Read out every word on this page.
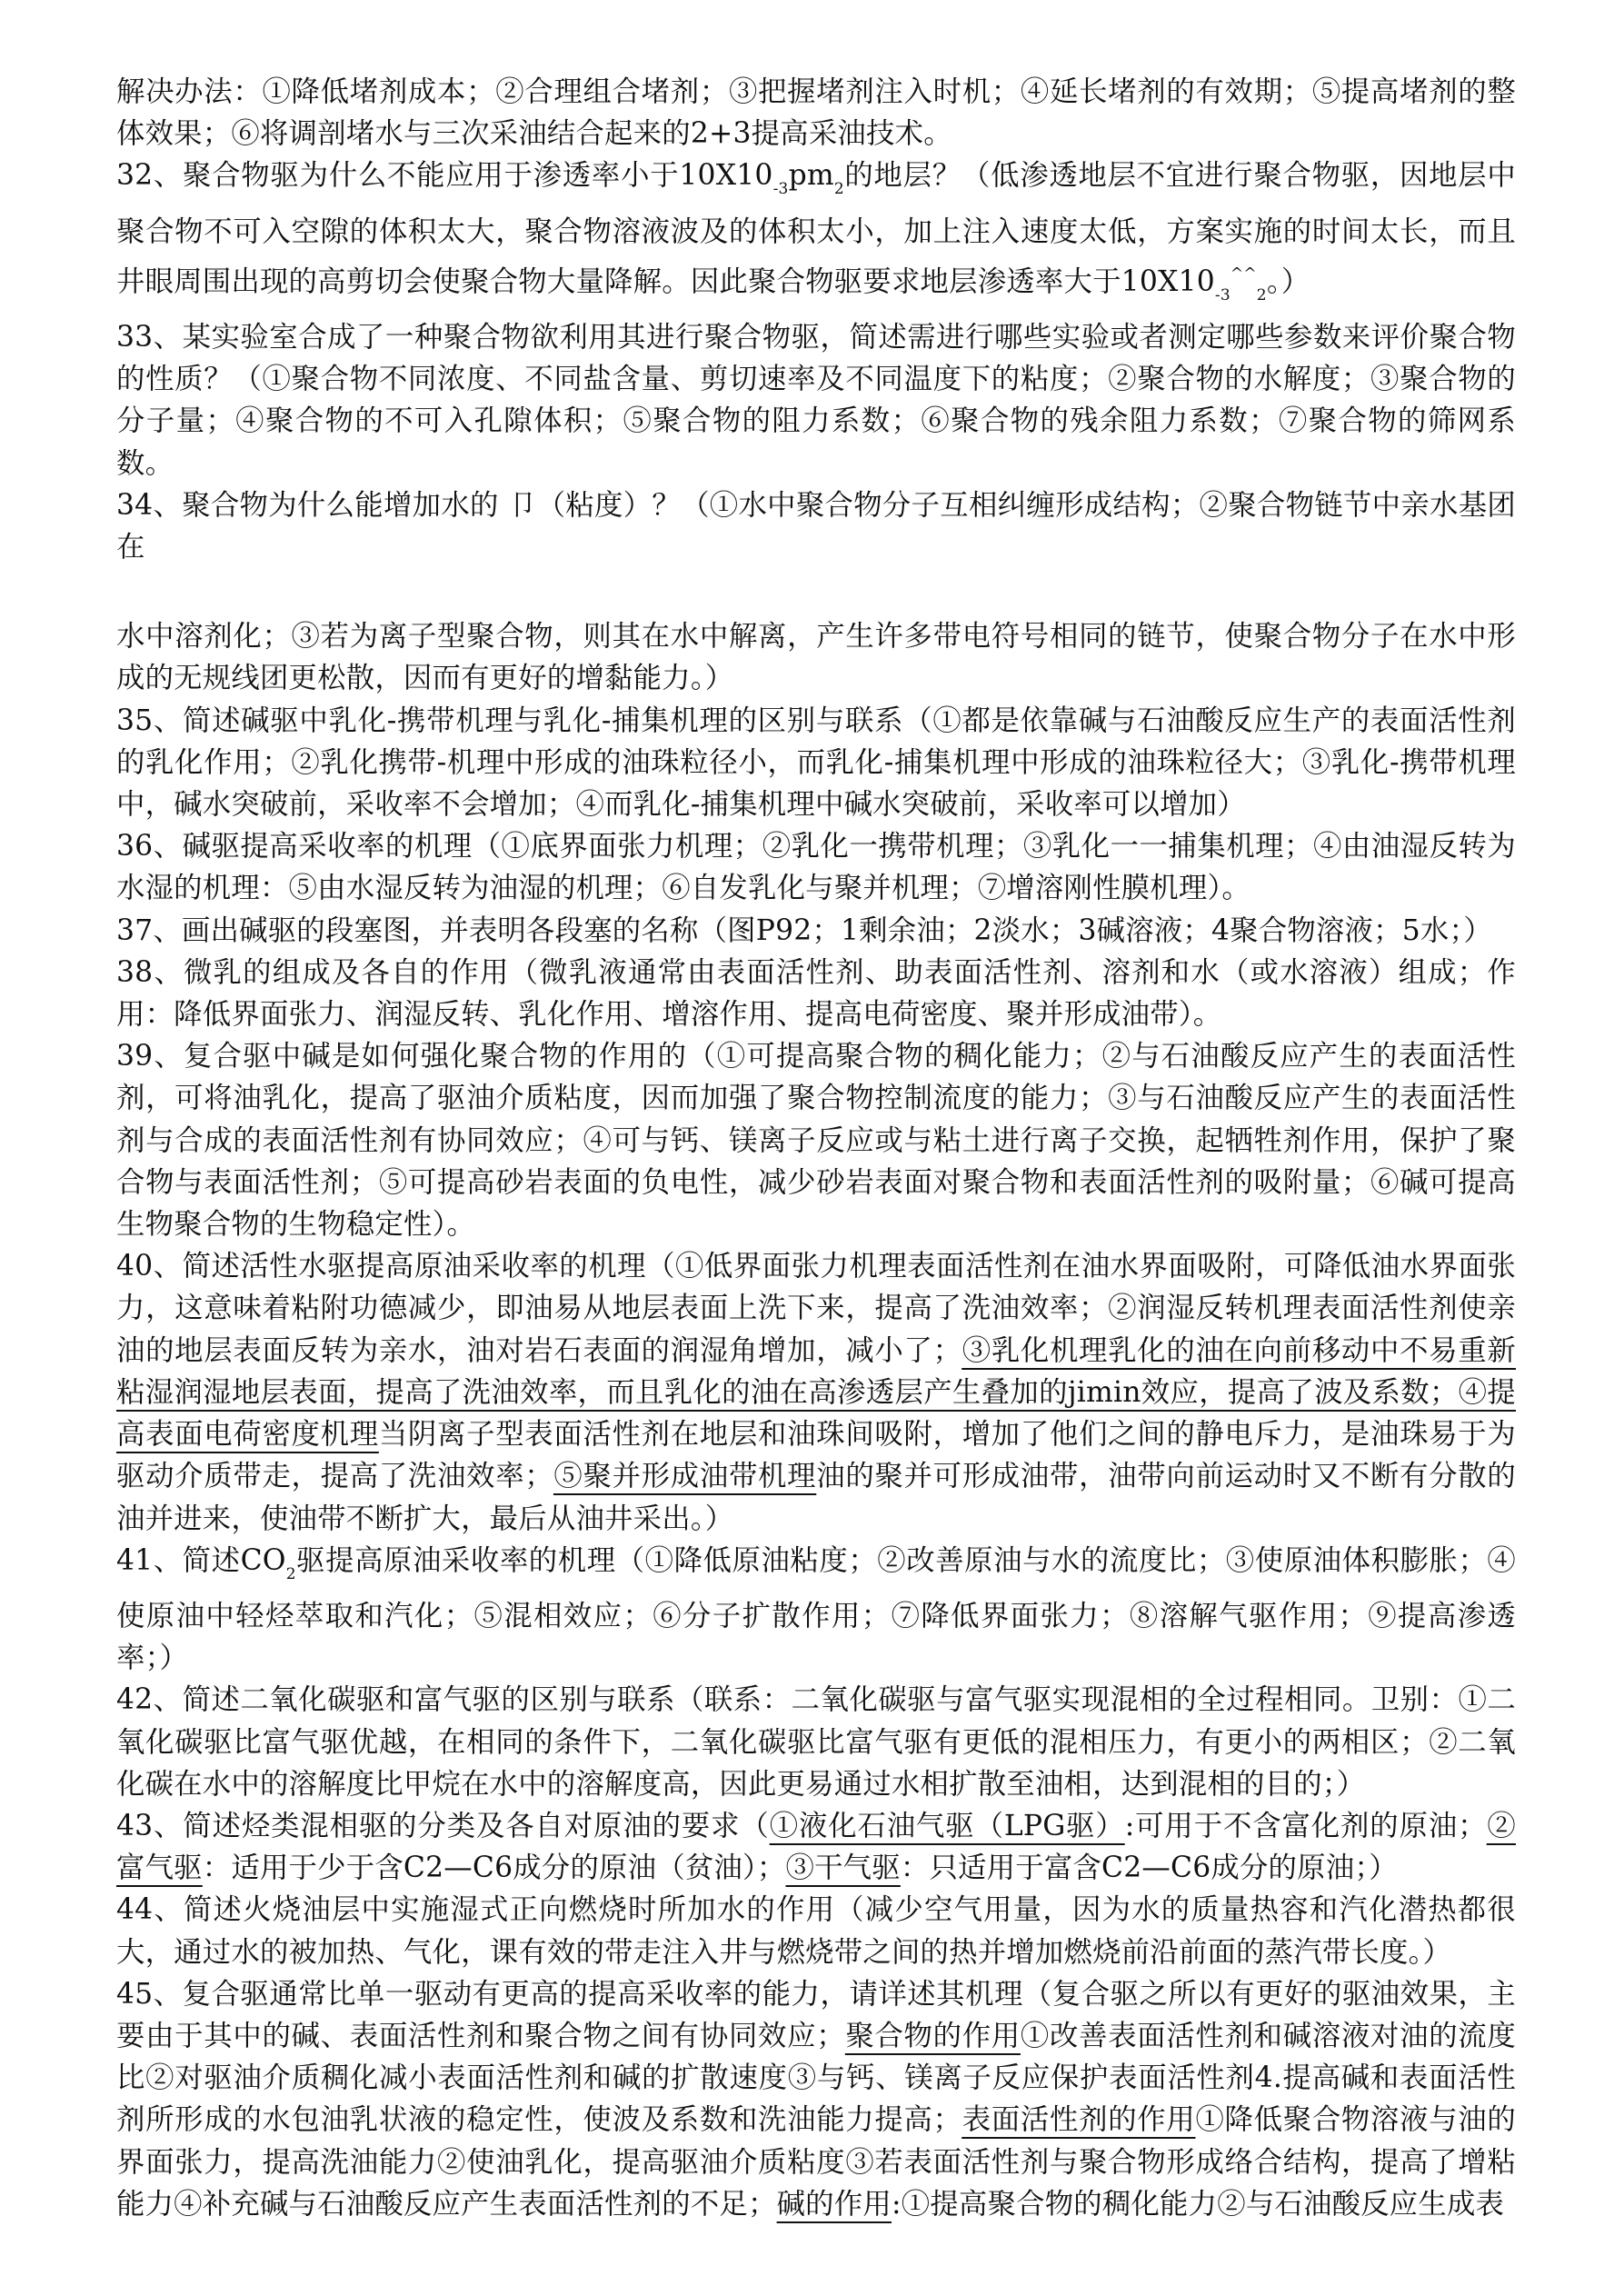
解决办法：①降低堵剂成本；②合理组合堵剂；③把握堵剂注入时机；④延长堵剂的有效期；⑤提高堵剂的整体效果；⑥将调剖堵水与三次采油结合起来的2+3提高采油技术。

32、聚合物驱为什么不能应用于渗透率小于$10X10_{-3}pm_2$的地层？（低渗透地层不宜进行聚合物驱，因地层中聚合物不可入空隙的体积太大，聚合物溶液波及的体积太小，加上注入速度太低，方案实施的时间太长，而且井眼周围出现的高剪切会使聚合物大量降解。因此聚合物驱要求地层渗透率大于$10X10_{-3}^{\^{}\^{}}_2$。）

33、某实验室合成了一种聚合物欲利用其进行聚合物驱，简述需进行哪些实验或者测定哪些参数来评价聚合物的性质？（①聚合物不同浓度、不同盐含量、剪切速率及不同温度下的粘度；②聚合物的水解度；③聚合物的分子量；④聚合物的不可入孔隙体积；⑤聚合物的阻力系数；⑥聚合物的残余阻力系数；⑦聚合物的筛网系数。

34、聚合物为什么能增加水的 卩（粘度）？（①水中聚合物分子互相纠缠形成结构；②聚合物链节中亲水基团在

水中溶剂化；③若为离子型聚合物，则其在水中解离，产生许多带电符号相同的链节，使聚合物分子在水中形成的无规线团更松散，因而有更好的增黏能力。）

35、简述碱驱中乳化-携带机理与乳化-捕集机理的区别与联系（①都是依靠碱与石油酸反应生产的表面活性剂的乳化作用；②乳化携带-机理中形成的油珠粒径小，而乳化-捕集机理中形成的油珠粒径大；③乳化-携带机理中，碱水突破前，采收率不会增加；④而乳化-捕集机理中碱水突破前，采收率可以增加）

36、碱驱提高采收率的机理（①底界面张力机理；②乳化一携带机理；③乳化一一捕集机理；④由油湿反转为水湿的机理：⑤由水湿反转为油湿的机理；⑥自发乳化与聚并机理；⑦增溶刚性膜机理）。

37、画出碱驱的段塞图，并表明各段塞的名称（图P92；1剩余油；2淡水；3碱溶液；4聚合物溶液；5水；）

38、微乳的组成及各自的作用（微乳液通常由表面活性剂、助表面活性剂、溶剂和水（或水溶液）组成；作用：降低界面张力、润湿反转、乳化作用、增溶作用、提高电荷密度、聚并形成油带）。

39、复合驱中碱是如何强化聚合物的作用的（①可提高聚合物的稠化能力；②与石油酸反应产生的表面活性剂，可将油乳化，提高了驱油介质粘度，因而加强了聚合物控制流度的能力；③与石油酸反应产生的表面活性剂与合成的表面活性剂有协同效应；④可与钙、镁离子反应或与粘土进行离子交换，起牺牲剂作用，保护了聚合物与表面活性剂；⑤可提高砂岩表面的负电性，减少砂岩表面对聚合物和表面活性剂的吸附量；⑥碱可提高生物聚合物的生物稳定性）。

40、简述活性水驱提高原油采收率的机理（①低界面张力机理表面活性剂在油水界面吸附，可降低油水界面张力，这意味着粘附功德减少，即油易从地层表面上洗下来，提高了洗油效率；②润湿反转机理表面活性剂使亲油的地层表面反转为亲水，油对岩石表面的润湿角增加，减小了；③乳化机理乳化的油在向前移动中不易重新粘湿润湿地层表面，提高了洗油效率，而且乳化的油在高渗透层产生叠加的jimin效应，提高了波及系数；④提高表面电荷密度机理当阴离子型表面活性剂在地层和油珠间吸附，增加了他们之间的静电斥力，是油珠易于为驱动介质带走，提高了洗油效率；⑤聚并形成油带机理油的聚并可形成油带，油带向前运动时又不断有分散的油并进来，使油带不断扩大，最后从油井采出。）

41、简述$CO_2$驱提高原油采收率的机理（①降低原油粘度；②改善原油与水的流度比；③使原油体积膨胀；④使原油中轻烃萃取和汽化；⑤混相效应；⑥分子扩散作用；⑦降低界面张力；⑧溶解气驱作用；⑨提高渗透率；）

42、简述二氧化碳驱和富气驱的区别与联系（联系：二氧化碳驱与富气驱实现混相的全过程相同。卫别：①二氧化碳驱比富气驱优越，在相同的条件下，二氧化碳驱比富气驱有更低的混相压力，有更小的两相区；②二氧化碳在水中的溶解度比甲烷在水中的溶解度高，因此更易通过水相扩散至油相，达到混相的目的；）

43、简述烃类混相驱的分类及各自对原油的要求（①液化石油气驱（LPG驱）:可用于不含富化剂的原油；②富气驱：适用于少于含C2—C6成分的原油（贫油）；③干气驱：只适用于富含C2—C6成分的原油；）

44、简述火烧油层中实施湿式正向燃烧时所加水的作用（减少空气用量，因为水的质量热容和汽化潜热都很大，通过水的被加热、气化，课有效的带走注入井与燃烧带之间的热并增加燃烧前沿前面的蒸汽带长度。）

45、复合驱通常比单一驱动有更高的提高采收率的能力，请详述其机理（复合驱之所以有更好的驱油效果，主要由于其中的碱、表面活性剂和聚合物之间有协同效应；聚合物的作用①改善表面活性剂和碱溶液对油的流度比②对驱油介质稠化减小表面活性剂和碱的扩散速度③与钙、镁离子反应保护表面活性剂4.提高碱和表面活性剂所形成的水包油乳状液的稳定性，使波及系数和洗油能力提高；表面活性剂的作用①降低聚合物溶液与油的界面张力，提高洗油能力②使油乳化，提高驱油介质粘度③若表面活性剂与聚合物形成络合结构，提高了增粘能力④补充碱与石油酸反应产生表面活性剂的不足；碱的作用:①提高聚合物的稠化能力②与石油酸反应生成表
